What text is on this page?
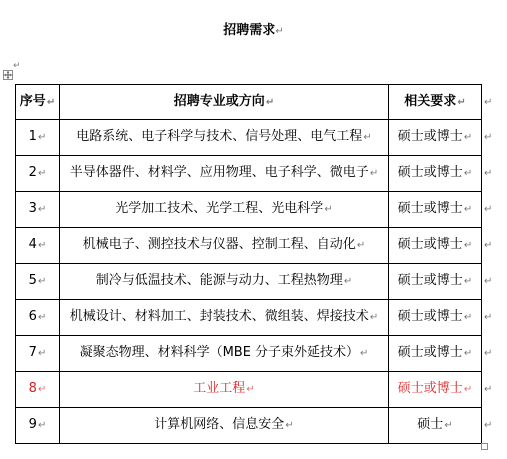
招聘需求↵
↵
序号↵	招聘专业或方向↵	相关要求↵
1↵	电路系统、电子科学与技术、信号处理、电气工程↵	硕士或博士↵
2↵	半导体器件、材料学、应用物理、电子科学、微电子↵	硕士或博士↵
3↵	光学加工技术、光学工程、光电科学↵	硕士或博士↵
4↵	机械电子、测控技术与仪器、控制工程、自动化↵	硕士或博士↵
5↵	制冷与低温技术、能源与动力、工程热物理↵	硕士或博士↵
6↵	机械设计、材料加工、封装技术、微组装、焊接技术↵	硕士或博士↵
7↵	凝聚态物理、材料科学（MBE 分子束外延技术）↵	硕士或博士↵
8↵	工业工程↵	硕士或博士↵
9↵	计算机网络、信息安全↵	硕士↵
↵
↵
↵
↵
↵
↵
↵
↵
↵
↵
